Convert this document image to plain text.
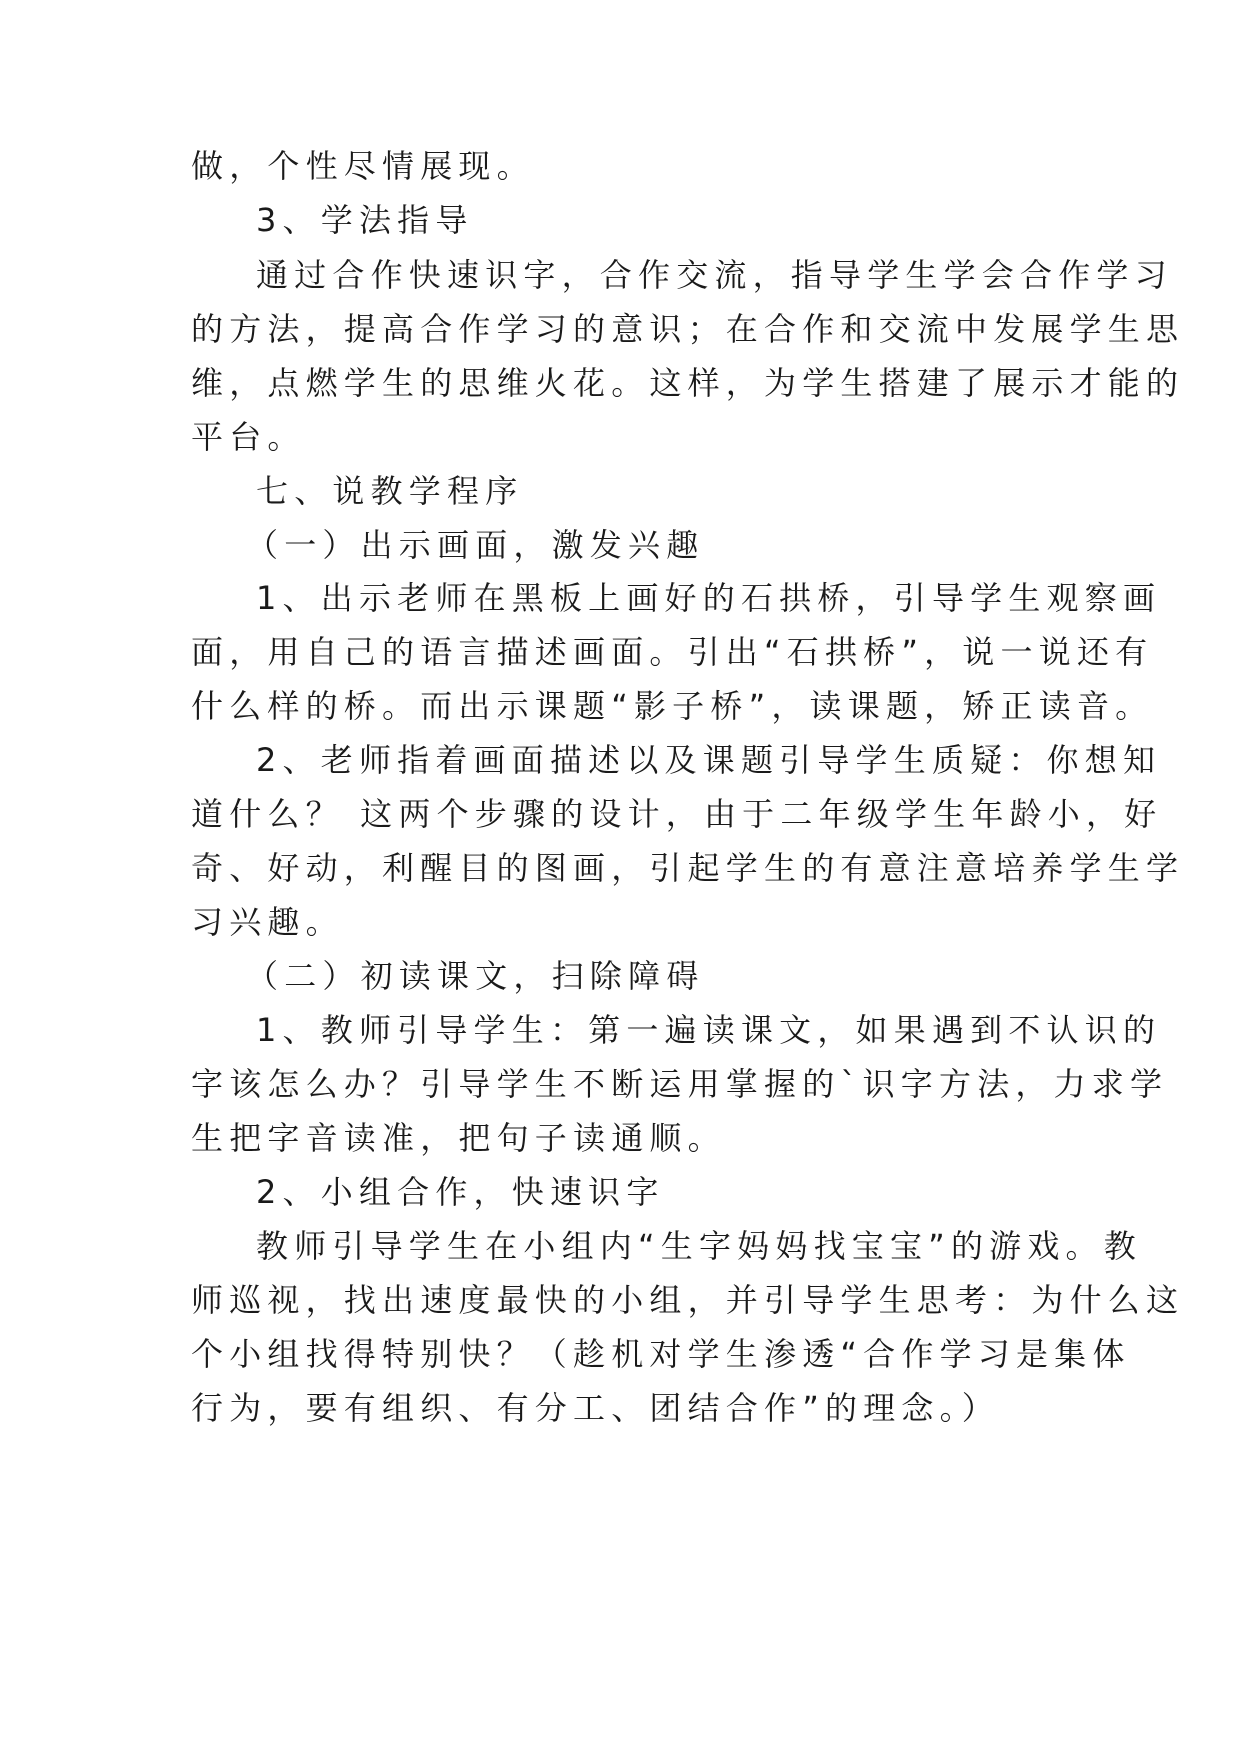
做，个性尽情展现。
3、学法指导
通过合作快速识字，合作交流，指导学生学会合作学习
的方法，提高合作学习的意识；在合作和交流中发展学生思
维，点燃学生的思维火花。这样，为学生搭建了展示才能的
平台。
七、说教学程序
（一）出示画面，激发兴趣
1、出示老师在黑板上画好的石拱桥，引导学生观察画
面，用自己的语言描述画面。引出“石拱桥”，说一说还有
什么样的桥。而出示课题“影子桥”，读课题，矫正读音。
2、老师指着画面描述以及课题引导学生质疑：你想知
道什么？ 这两个步骤的设计，由于二年级学生年龄小，好
奇、好动，利醒目的图画，引起学生的有意注意培养学生学
习兴趣。
（二）初读课文，扫除障碍
1、教师引导学生：第一遍读课文，如果遇到不认识的
字该怎么办？引导学生不断运用掌握的`识字方法，力求学
生把字音读准，把句子读通顺。
2、小组合作，快速识字
教师引导学生在小组内“生字妈妈找宝宝”的游戏。教
师巡视，找出速度最快的小组，并引导学生思考：为什么这
个小组找得特别快？（趁机对学生渗透“合作学习是集体
行为，要有组织、有分工、团结合作”的理念。）
